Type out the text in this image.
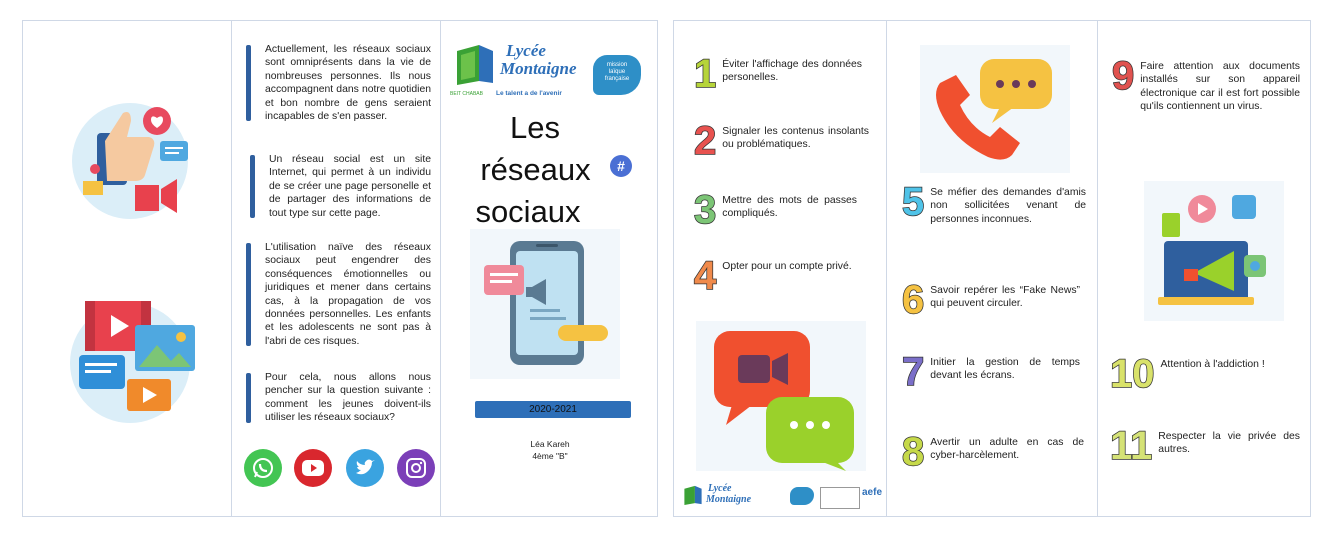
Actuellement, les réseaux sociaux sont omniprésents dans la vie de nombreuses personnes. Ils nous accompagnent dans notre quotidien et bon nombre de gens seraient incapables de s'en passer.

Un réseau social est un site Internet, qui permet à un individu de se créer une page personelle et de partager des informations de tout type sur cette page.

L'utilisation naïve des réseaux sociaux peut engendrer des conséquences émotionnelles ou juridiques et mener dans certains cas, à la propagation de vos données personnelles. Les enfants et les adolescents ne sont pas à l'abri de ces risques.

Pour cela, nous allons nous pencher sur la question suivante : comment les jeunes doivent-ils utiliser les réseaux sociaux?

Lycée
Montaigne
BEIT CHABAB Le talent a de l'avenir
mission laïque française
Les
réseaux
sociaux
#
2020-2021
Léa Kareh
4ème "B"
1 Éviter l'affichage des données personelles.
2 Signaler les contenus insolants ou problématiques.
3 Mettre des mots de passes compliqués.
4 Opter pour un compte privé.
Lycée
Montaigne
aefe
5 Se méfier des demandes d'amis non sollicitées venant de personnes inconnues.
6 Savoir repérer les “Fake News” qui peuvent circuler.
7 Initier la gestion de temps devant les écrans.
8 Avertir un adulte en cas de cyber-harcèlement.
9 Faire attention aux documents installés sur son appareil électronique car il est fort possible qu'ils contiennent un virus.
10 Attention à l'addiction !
11 Respecter la vie privée des autres.
